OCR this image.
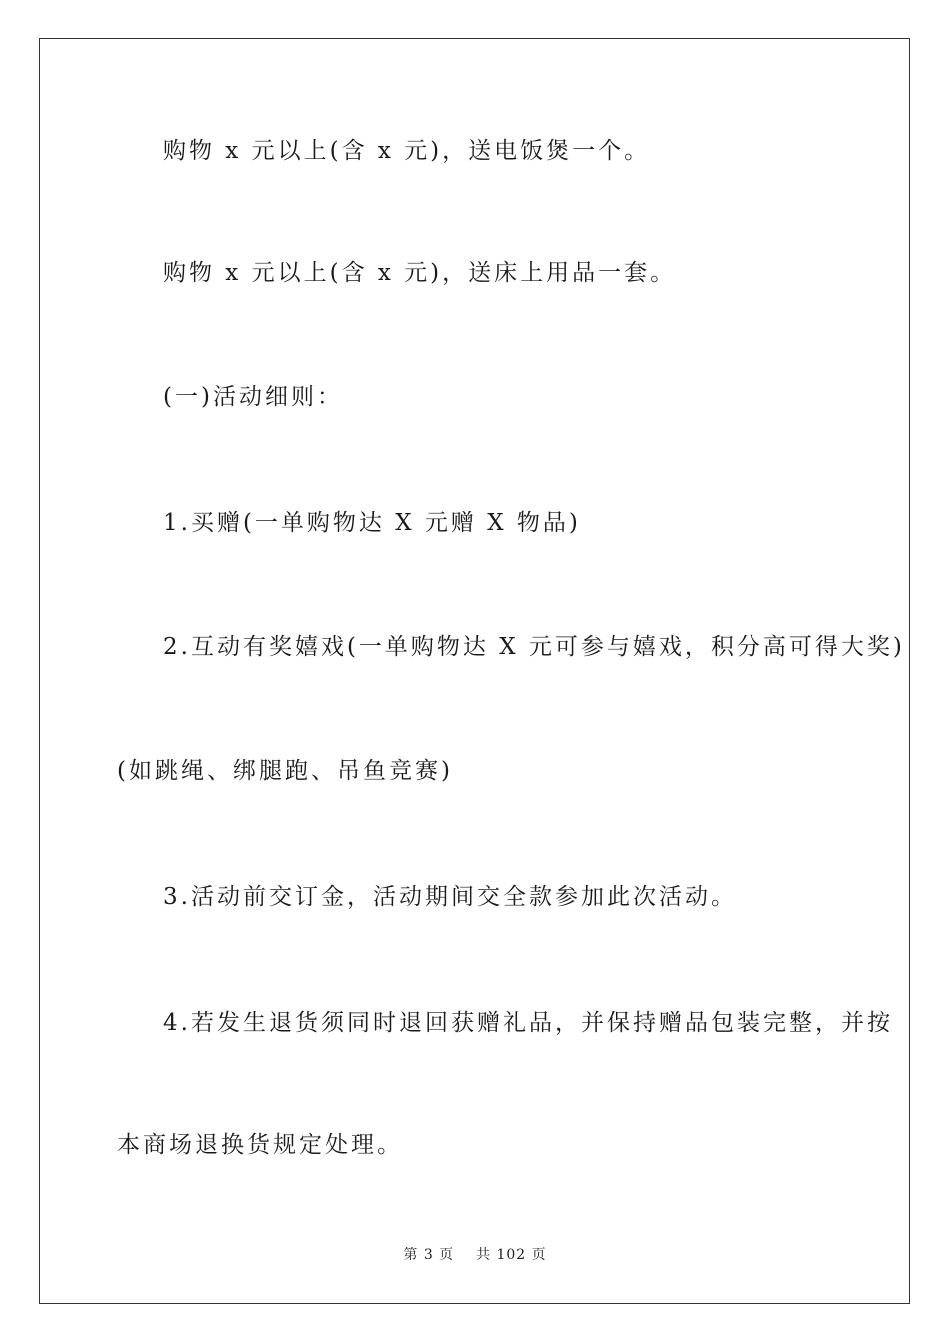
购物 x 元以上(含 x 元)，送电饭煲一个。
购物 x 元以上(含 x 元)，送床上用品一套。
(一)活动细则：
1.买赠(一单购物达 X 元赠 X 物品)
2.互动有奖嬉戏(一单购物达 X 元可参与嬉戏，积分高可得大奖)
(如跳绳、绑腿跑、吊鱼竞赛)
3.活动前交订金，活动期间交全款参加此次活动。
4.若发生退货须同时退回获赠礼品，并保持赠品包装完整，并按
本商场退换货规定处理。
第 3 页 共 102 页
